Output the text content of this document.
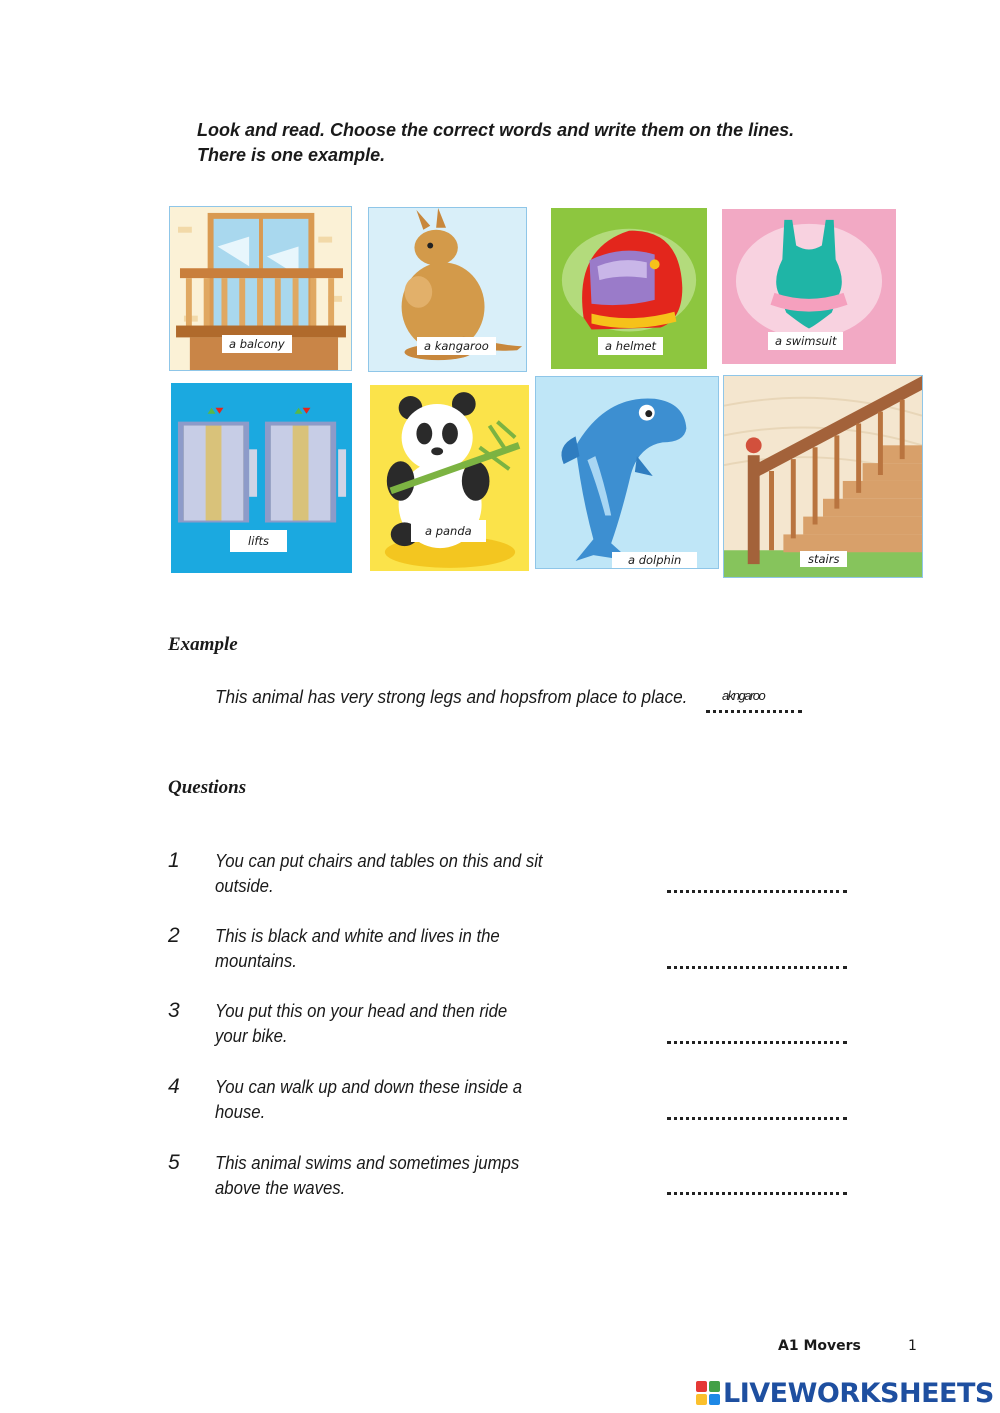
Look and read. Choose the correct words and write them on the lines. There is one example.
a balcony	a kangaroo	a helmet	a swimsuit
lifts
a panda
a dolphin	stairs
Example
This animal has very strong legs and hopsfrom place to place.	akngaroo
Questions
1 You can put chairs and tables on this and sit
outside.
2 This is black and white and lives in the
mountains.
3 You put this on your head and then ride
your bike.
4 You can walk up and down these inside a
house.
5 This animal swims and sometimes jumps
above the waves.
A1 Movers	1
LIVEWORKSHEETS
